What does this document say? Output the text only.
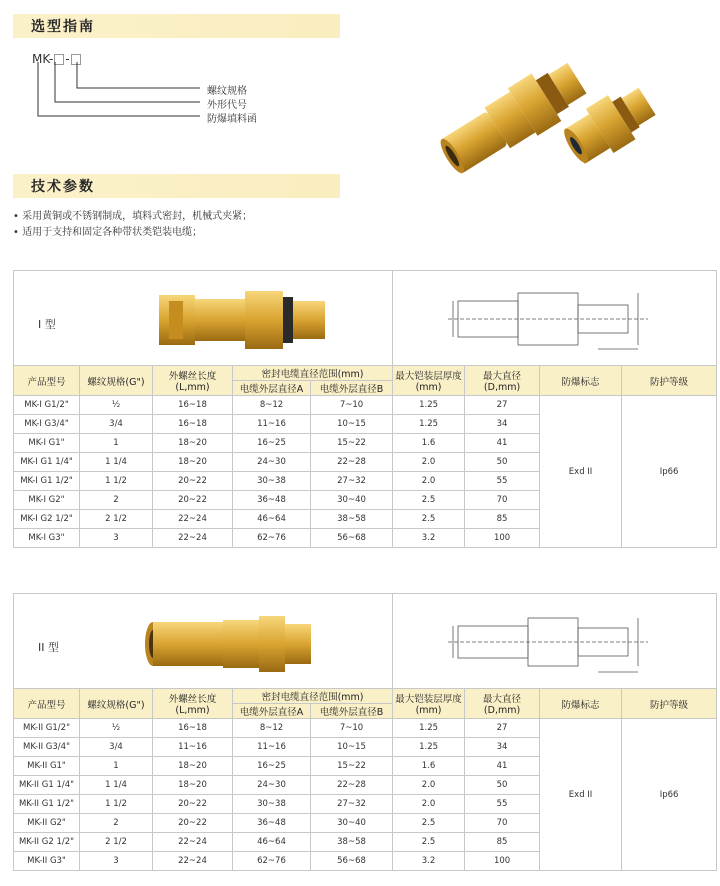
选型指南
MK- -
螺纹规格
外形代号
防爆填料函
技术参数
• 采用黄铜或不锈钢制成，填料式密封，机械式夹紧；
• 适用于支持和固定各种带状类铠装电缆；
I 型

产品型号	螺纹规格(G")	外螺丝长度(L,mm)	密封电缆直径范围(mm)		最大铠装层厚度(mm)	最大直径(D,mm)	防爆标志	防护等级
			电缆外层直径A	电缆外层直径B				
MK-I G1/2"	½	16~18	8~12	7~10	1.25	27	Exd II	Ip66
MK-I G3/4"	3/4	16~18	11~16	10~15	1.25	34		
MK-I G1"	1	18~20	16~25	15~22	1.6	41		
MK-I G1 1/4"	1 1/4	18~20	24~30	22~28	2.0	50		
MK-I G1 1/2"	1 1/2	20~22	30~38	27~32	2.0	55		
MK-I G2"	2	20~22	36~48	30~40	2.5	70		
MK-I G2 1/2"	2 1/2	22~24	46~64	38~58	2.5	85		
MK-I G3"	3	22~24	62~76	56~68	3.2	100		
II 型

产品型号	螺纹规格(G")	外螺丝长度(L,mm)	密封电缆直径范围(mm)		最大铠装层厚度(mm)	最大直径(D,mm)	防爆标志	防护等级
			电缆外层直径A	电缆外层直径B				
MK-II G1/2"	½	16~18	8~12	7~10	1.25	27	Exd II	Ip66
MK-II G3/4"	3/4	11~16	11~16	10~15	1.25	34		
MK-II G1"	1	18~20	16~25	15~22	1.6	41		
MK-II G1 1/4"	1 1/4	18~20	24~30	22~28	2.0	50		
MK-II G1 1/2"	1 1/2	20~22	30~38	27~32	2.0	55		
MK-II G2"	2	20~22	36~48	30~40	2.5	70		
MK-II G2 1/2"	2 1/2	22~24	46~64	38~58	2.5	85		
MK-II G3"	3	22~24	62~76	56~68	3.2	100		
